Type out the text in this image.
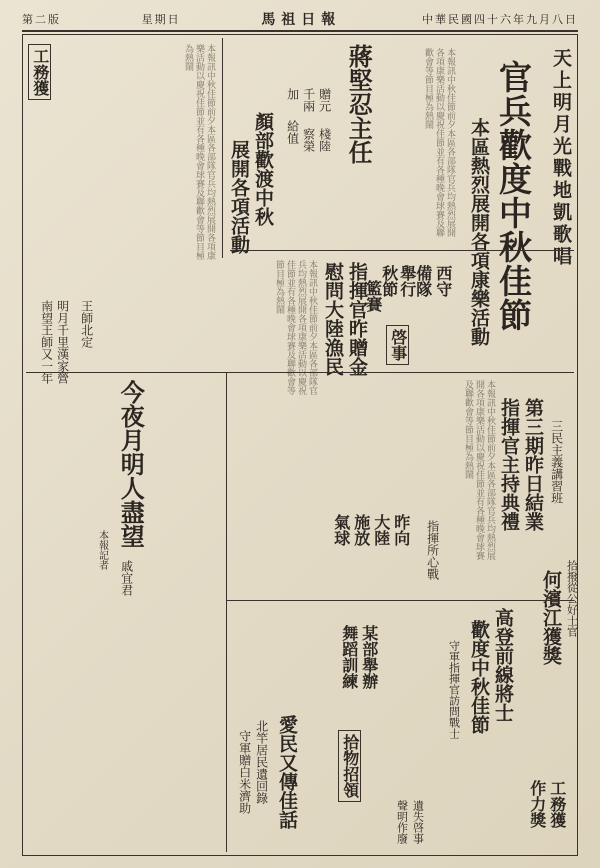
第二版	星期日	馬祖日報	中華民國四十六年九月八日
天上明月光戰地凱歌唱
官兵歡度中秋佳節
本區熱烈展開各項康樂活動
本報訊中秋佳節前夕本區各部隊官兵均熱烈展開各項康樂活動以慶祝佳節並有各種晚會球賽及聯歡會等節目極為熱鬧
蔣堅忍主任
贈元
千兩
給值 棧陸
察榮
加
顏部歡渡中秋
展開各項活動
工務獲	本報訊中秋佳節前夕本區各部隊官兵均熱烈展開各項康樂活動以慶祝佳節並有各種晚會球賽及聯歡會等節目極為熱鬧
明月千里漢家營 王師北定
南望王師又一年	指揮官昨贈金
慰問大陸漁民
本報訊中秋佳節前夕本區各部隊官兵均熱烈展開各項康樂活動以慶祝佳節並有各種晚會球賽及聯歡會等節目極為熱鬧	西守
備隊
舉行
秋節
籃賽
啓事
第三期昨日結業
指揮官主持典禮 三民主義講習班
本報訊中秋佳節前夕本區各部隊官兵均熱烈展開各項康樂活動以慶祝佳節並有各種晚會球賽及聯歡會等節目極為熱鬧
指揮所心戰
昨向
大陸
施放
氣球
拾撥從公好士官
何濱江獲獎
高登前線將士
歡度中秋佳節
守軍指揮官訪問戰士
今夜月明人盡望
本報記者
戚宜君
愛民又傳佳話
北竿居民遺回錄
守軍贈白米濟助	拾物招領
某部舉辦
舞蹈訓練
遺失啓事
聲明作廢	工務獲
作力獎
